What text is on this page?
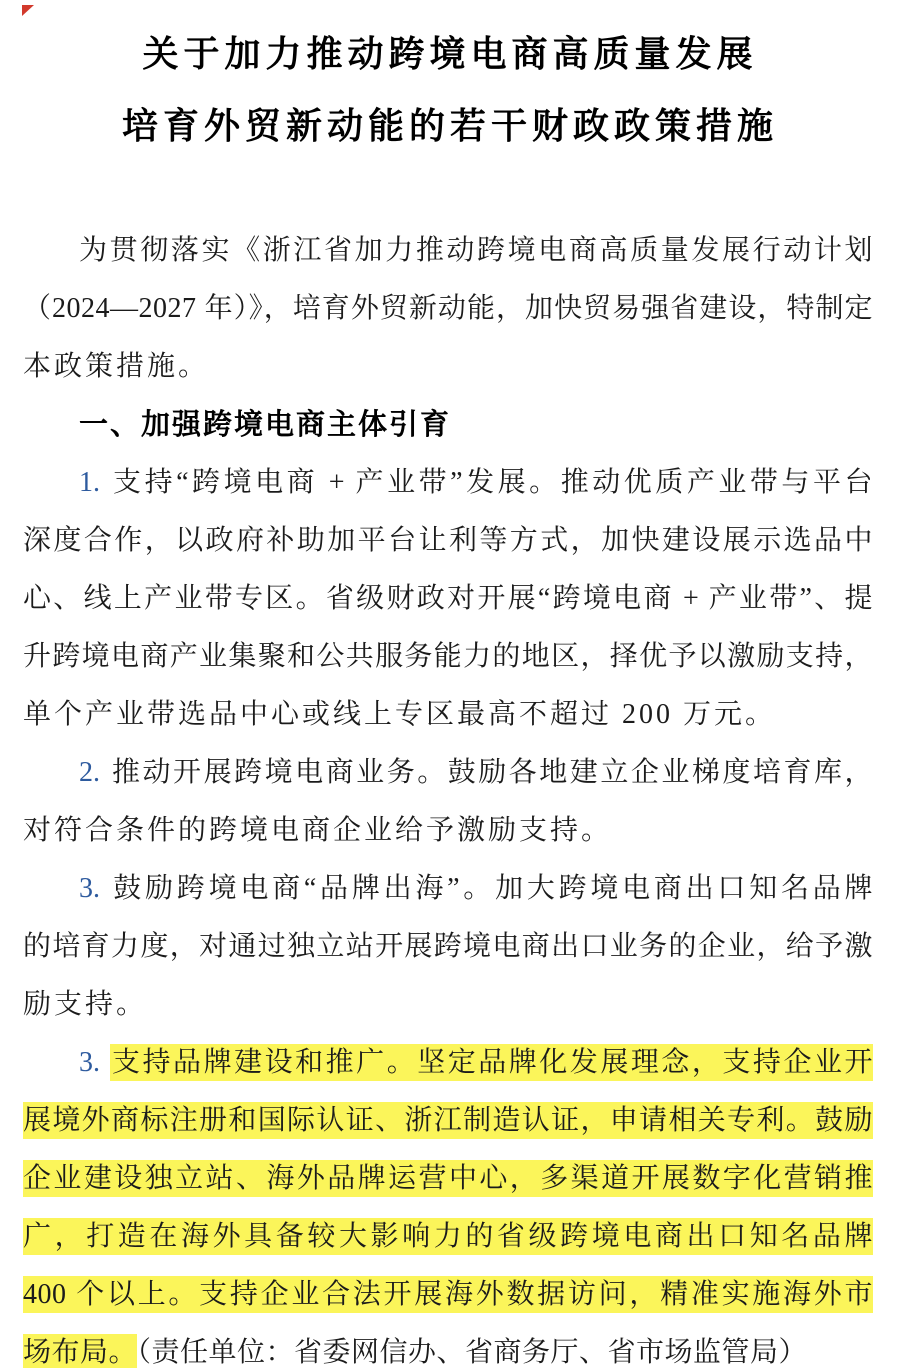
关于加力推动跨境电商高质量发展
培育外贸新动能的若干财政政策措施
为贯彻落实《浙江省加力推动跨境电商高质量发展行动计划
（2024—2027 年）》，培育外贸新动能，加快贸易强省建设，特制定
本政策措施。
一、加强跨境电商主体引育
1. 支持“跨境电商 + 产业带”发展。推动优质产业带与平台
深度合作，以政府补助加平台让利等方式，加快建设展示选品中
心、线上产业带专区。省级财政对开展“跨境电商 + 产业带”、提
升跨境电商产业集聚和公共服务能力的地区，择优予以激励支持，
单个产业带选品中心或线上专区最高不超过 200 万元。
2. 推动开展跨境电商业务。鼓励各地建立企业梯度培育库，
对符合条件的跨境电商企业给予激励支持。
3. 鼓励跨境电商“品牌出海”。加大跨境电商出口知名品牌
的培育力度，对通过独立站开展跨境电商出口业务的企业，给予激
励支持。
3. 支持品牌建设和推广。坚定品牌化发展理念，支持企业开
展境外商标注册和国际认证、浙江制造认证，申请相关专利。鼓励
企业建设独立站、海外品牌运营中心，多渠道开展数字化营销推
广，打造在海外具备较大影响力的省级跨境电商出口知名品牌
400 个以上。支持企业合法开展海外数据访问，精准实施海外市
场布局。（责任单位：省委网信办、省商务厅、省市场监管局）
